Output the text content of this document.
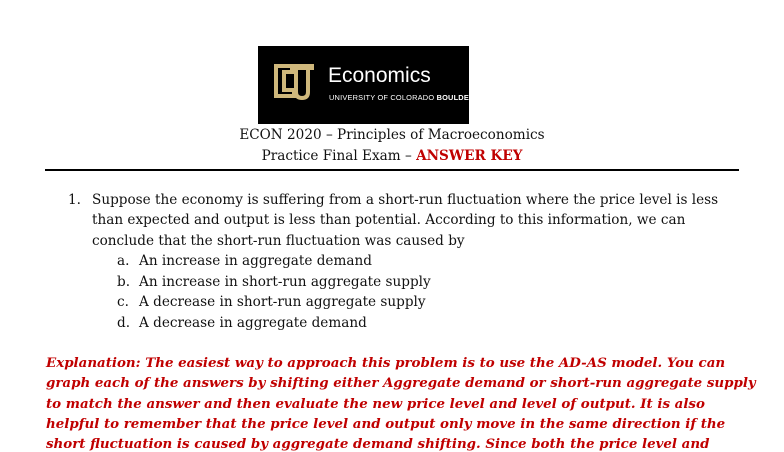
Economics
UNIVERSITY OF COLORADO BOULDER
ECON 2020 – Principles of Macroeconomics
Practice Final Exam – ANSWER KEY
1. Suppose the economy is suffering from a short-run fluctuation where the price level is less
than expected and output is less than potential. According to this information, we can
conclude that the short-run fluctuation was caused by
a. An increase in aggregate demand
b. An increase in short-run aggregate supply
c. A decrease in short-run aggregate supply
d. A decrease in aggregate demand
Explanation: The easiest way to approach this problem is to use the AD-AS model. You can
graph each of the answers by shifting either Aggregate demand or short-run aggregate supply
to match the answer and then evaluate the new price level and level of output. It is also
helpful to remember that the price level and output only move in the same direction if the
short fluctuation is caused by aggregate demand shifting. Since both the price level and
